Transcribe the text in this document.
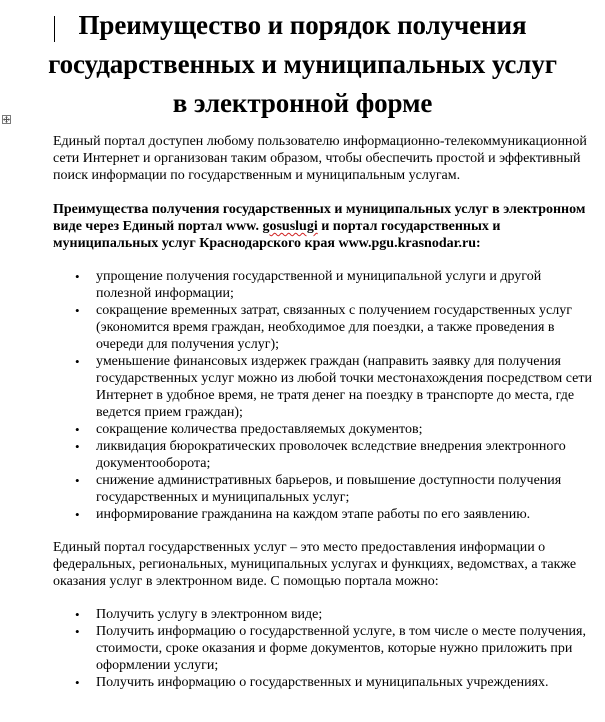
Преимущество и порядок получения
государственных и муниципальных услуг
в электронной форме

Единый портал доступен любому пользователю информационно-телекоммуникационной сети Интернет и организован таким образом, чтобы обеспечить простой и эффективный поиск информации по государственным и муниципальным услугам.

Преимущества получения государственных и муниципальных услуг в электронном виде через Единый портал www. gosuslugi и портал государственных и муниципальных услуг Краснодарского края www.pgu.krasnodar.ru:

• упрощение получения государственной и муниципальной услуги и другой полезной информации;
• сокращение временных затрат, связанных с получением государственных услуг (экономится время граждан, необходимое для поездки, а также проведения в очереди для получения услуг);
• уменьшение финансовых издержек граждан (направить заявку для получения государственных услуг можно из любой точки местонахождения посредством сети Интернет в удобное время, не тратя денег на поездку в транспорте до места, где ведется прием граждан);
• сокращение количества предоставляемых документов;
• ликвидация бюрократических проволочек вследствие внедрения электронного документооборота;
• снижение административных барьеров, и повышение доступности получения государственных и муниципальных услуг;
• информирование гражданина на каждом этапе работы по его заявлению.

Единый портал государственных услуг – это место предоставления информации о федеральных, региональных, муниципальных услугах и функциях, ведомствах, а также оказания услуг в электронном виде. С помощью портала можно:

• Получить услугу в электронном виде;
• Получить информацию о государственной услуге, в том числе о месте получения, стоимости, сроке оказания и форме документов, которые нужно приложить при оформлении услуги;
• Получить информацию о государственных и муниципальных учреждениях.
